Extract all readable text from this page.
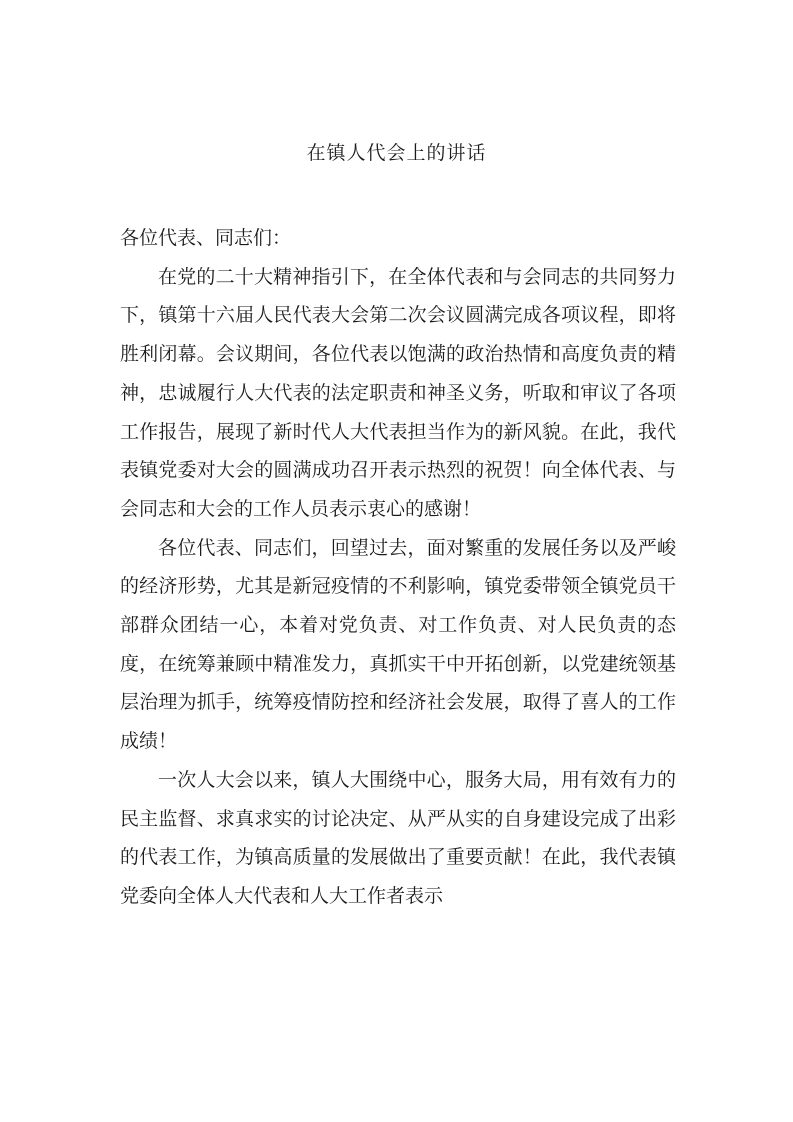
在镇人代会上的讲话

各位代表、同志们：

在党的二十大精神指引下，在全体代表和与会同志的共同努力下，镇第十六届人民代表大会第二次会议圆满完成各项议程，即将胜利闭幕。会议期间，各位代表以饱满的政治热情和高度负责的精神，忠诚履行人大代表的法定职责和神圣义务，听取和审议了各项工作报告，展现了新时代人大代表担当作为的新风貌。在此，我代表镇党委对大会的圆满成功召开表示热烈的祝贺！向全体代表、与会同志和大会的工作人员表示衷心的感谢！

各位代表、同志们，回望过去，面对繁重的发展任务以及严峻的经济形势，尤其是新冠疫情的不利影响，镇党委带领全镇党员干部群众团结一心，本着对党负责、对工作负责、对人民负责的态度，在统筹兼顾中精准发力，真抓实干中开拓创新，以党建统领基层治理为抓手，统筹疫情防控和经济社会发展，取得了喜人的工作成绩！

一次人大会以来，镇人大围绕中心，服务大局，用有效有力的民主监督、求真求实的讨论决定、从严从实的自身建设完成了出彩的代表工作，为镇高质量的发展做出了重要贡献！在此，我代表镇党委向全体人大代表和人大工作者表示
